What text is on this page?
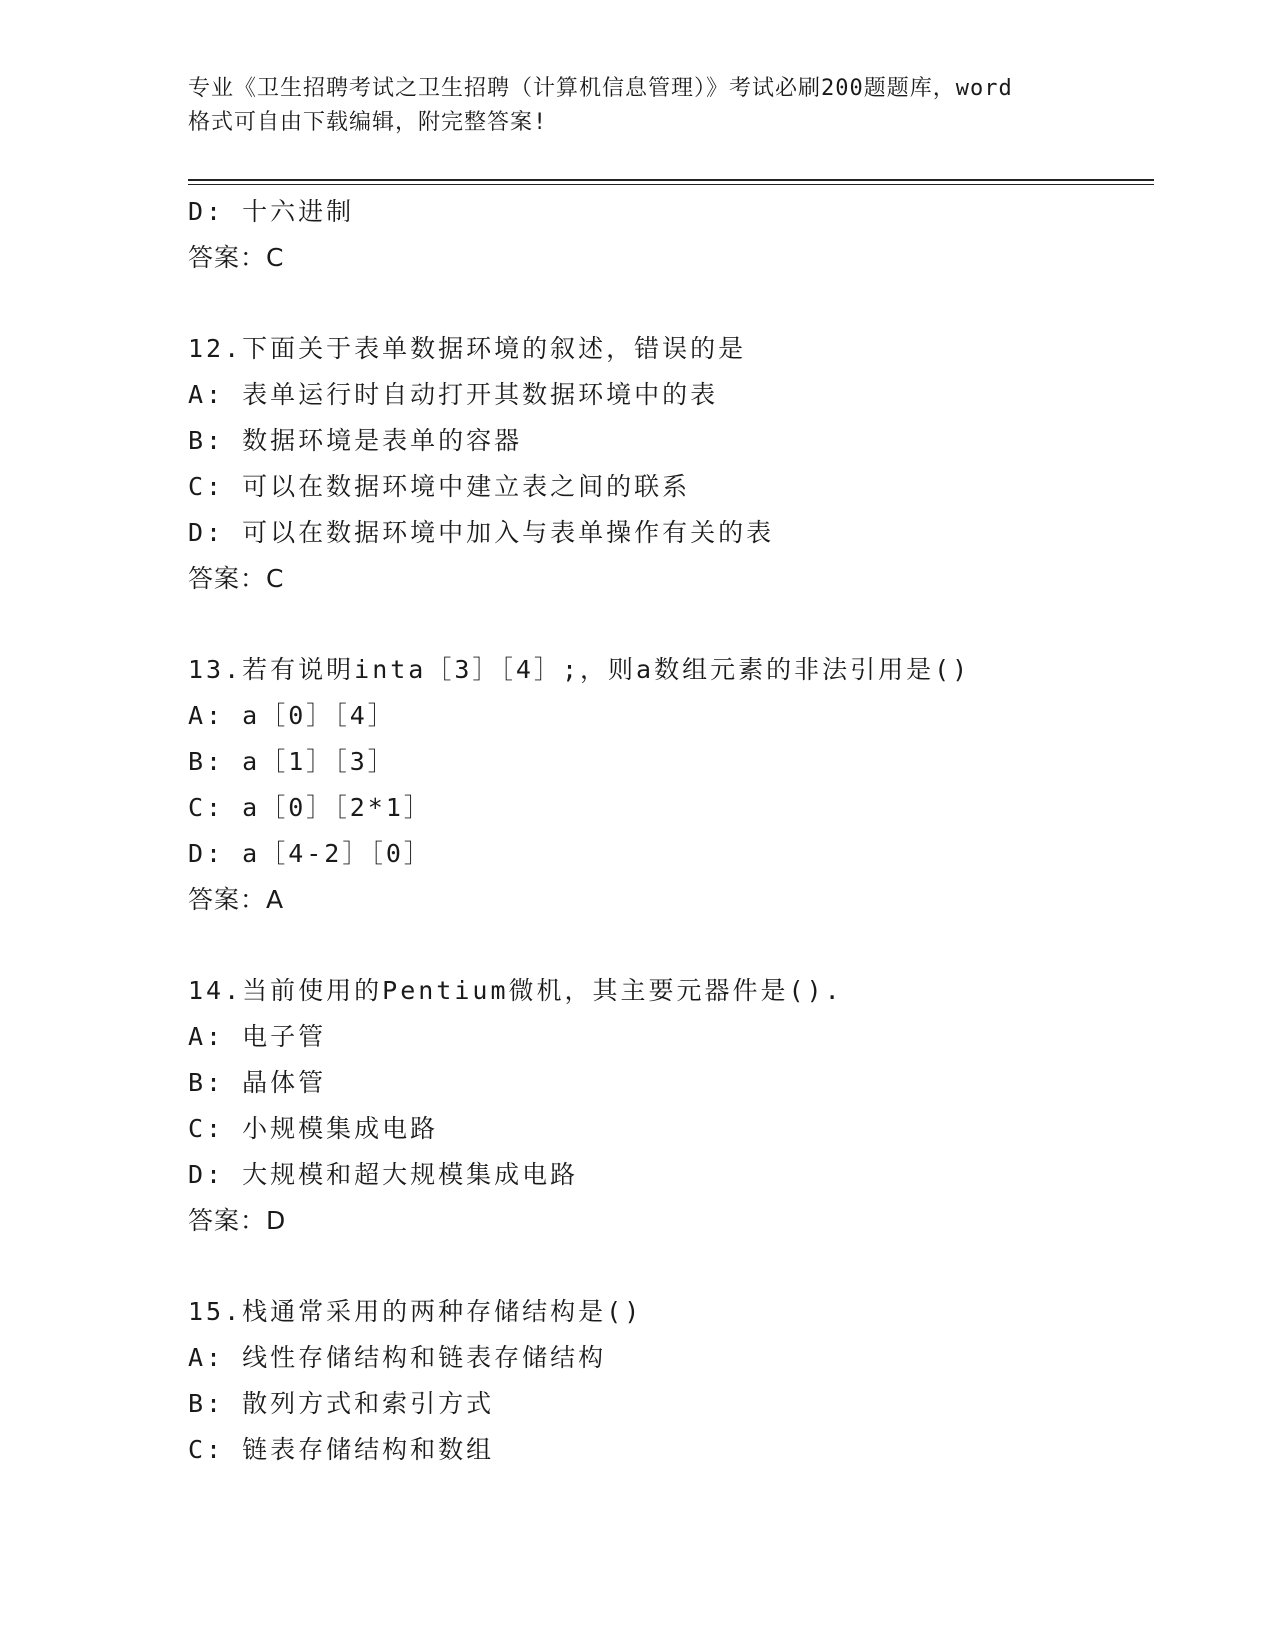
专业《卫生招聘考试之卫生招聘（计算机信息管理）》考试必刷200题题库，word
格式可自由下载编辑，附完整答案!
D: 十六进制
答案：C
12.下面关于表单数据环境的叙述，错误的是
A: 表单运行时自动打开其数据环境中的表
B: 数据环境是表单的容器
C: 可以在数据环境中建立表之间的联系
D: 可以在数据环境中加入与表单操作有关的表
答案：C
13.若有说明inta［3］［4］;，则a数组元素的非法引用是()
A: a［0］［4］
B: a［1］［3］
C: a［0］［2*1］
D: a［4-2］［0］
答案：A
14.当前使用的Pentium微机，其主要元器件是().
A: 电子管
B: 晶体管
C: 小规模集成电路
D: 大规模和超大规模集成电路
答案：D
15.栈通常采用的两种存储结构是()
A: 线性存储结构和链表存储结构
B: 散列方式和索引方式
C: 链表存储结构和数组
